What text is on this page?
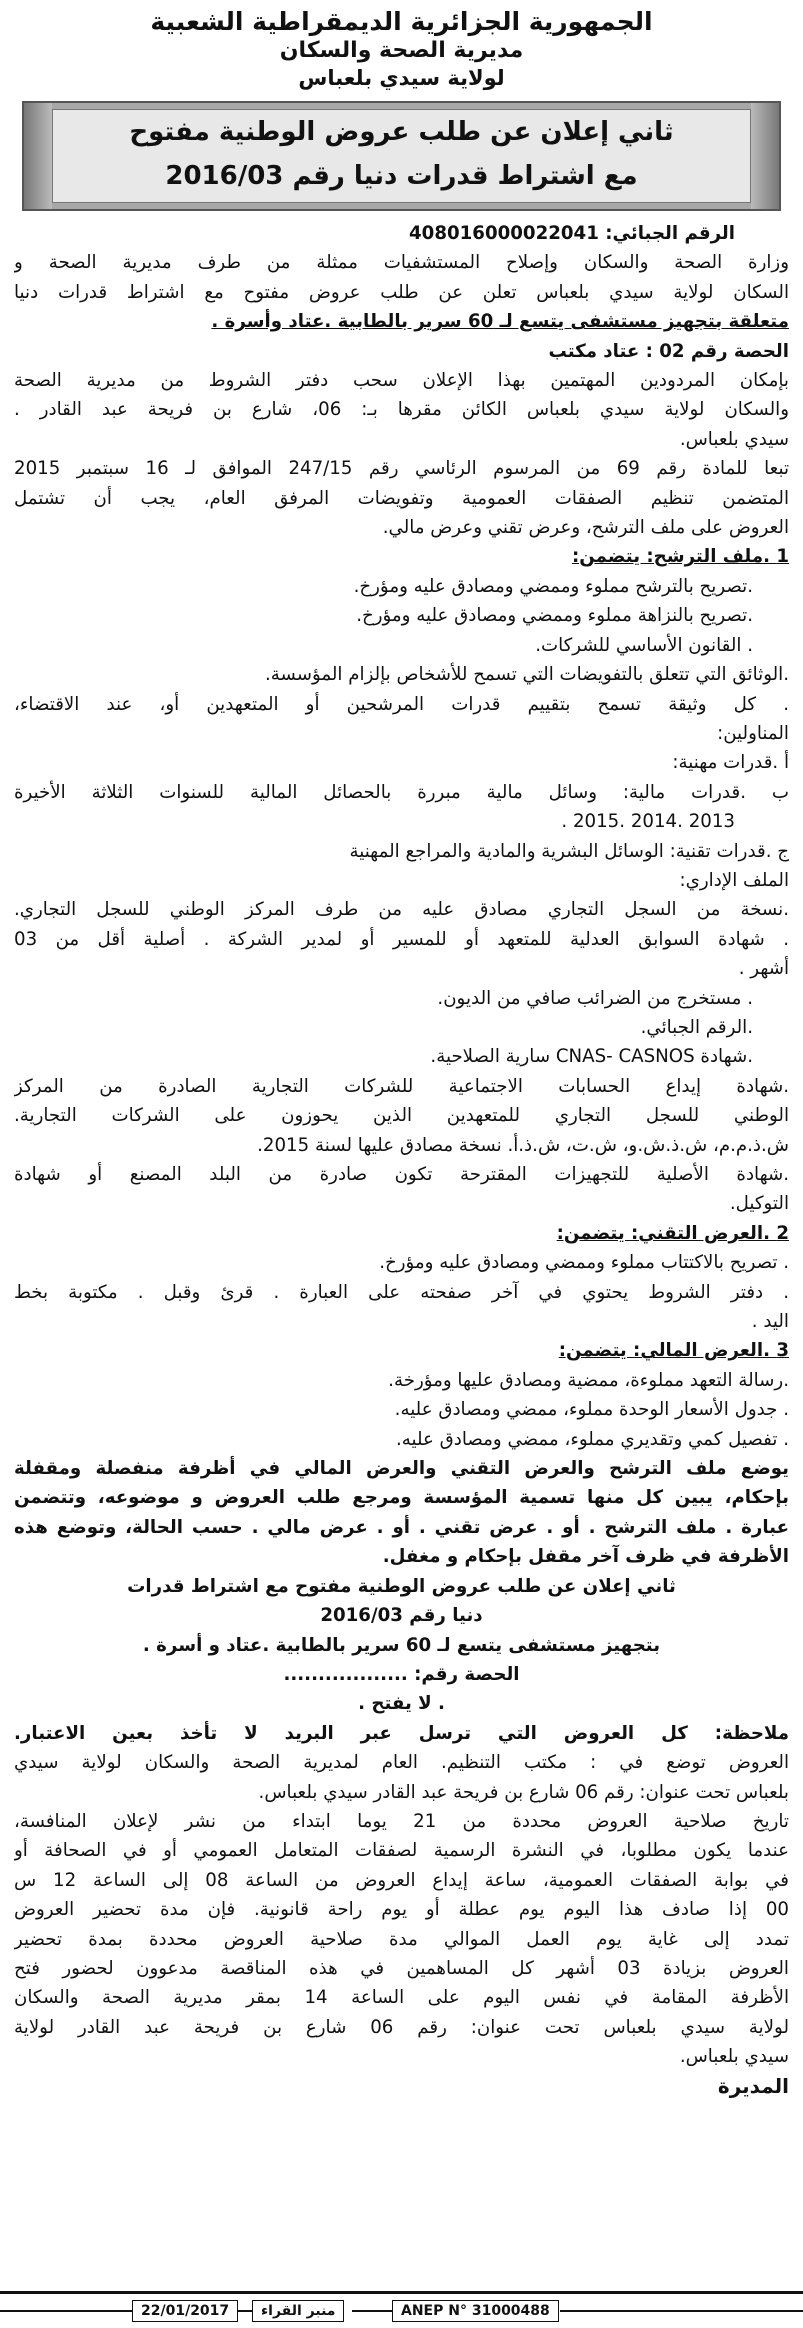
الجمهورية الجزائرية الديمقراطية الشعبية
مديرية الصحة والسكان
لولاية سيدي بلعباس
ثاني إعلان عن طلب عروض الوطنية مفتوح
مع اشتراط قدرات دنيا رقم 2016/03
الرقم الجبائي: 408016000022041
وزارة الصحة والسكان وإصلاح المستشفيات ممثلة من طرف مديرية الصحة و
السكان لولاية سيدي بلعباس تعلن عن طلب عروض مفتوح مع اشتراط قدرات دنيا
متعلقة بتجهيز مستشفى يتسع لـ 60 سرير بالطابية .عتاد وأسرة .
الحصة رقم 02 : عتاد مكتب
بإمكان المردودين المهتمين بهذا الإعلان سحب دفتر الشروط من مديرية الصحة
والسكان لولاية سيدي بلعباس الكائن مقرها بـ: 06، شارع بن فريحة عبد القادر .
سيدي بلعباس.
تبعا للمادة رقم 69 من المرسوم الرئاسي رقم 247/15 الموافق لـ 16 سبتمبر 2015
المتضمن تنظيم الصفقات العمومية وتفويضات المرفق العام، يجب أن تشتمل
العروض على ملف الترشح، وعرض تقني وعرض مالي.
1 .ملف الترشح: يتضمن:
.تصريح بالترشح مملوء وممضي ومصادق عليه ومؤرخ.
.تصريح بالنزاهة مملوء وممضي ومصادق عليه ومؤرخ.
. القانون الأساسي للشركات.
.الوثائق التي تتعلق بالتفويضات التي تسمح للأشخاص بإلزام المؤسسة.
. كل وثيقة تسمح بتقييم قدرات المرشحين أو المتعهدين أو، عند الاقتضاء،
المناولين:
أ .قدرات مهنية:
ب .قدرات مالية: وسائل مالية مبررة بالحصائل المالية للسنوات الثلاثة الأخيرة
2013 .2014 .2015 .
ج .قدرات تقنية: الوسائل البشرية والمادية والمراجع المهنية
الملف الإداري:
.نسخة من السجل التجاري مصادق عليه من طرف المركز الوطني للسجل التجاري.
. شهادة السوابق العدلية للمتعهد أو للمسير أو لمدير الشركة . أصلية أقل من 03
أشهر .
. مستخرج من الضرائب صافي من الديون.
.الرقم الجبائي.
.شهادة CNAS- CASNOS سارية الصلاحية.
.شهادة إيداع الحسابات الاجتماعية للشركات التجارية الصادرة من المركز
الوطني للسجل التجاري للمتعهدين الذين يحوزون على الشركات التجارية.
ش.ذ.م.م، ش.ذ.ش.و، ش.ت، ش.ذ.أ. نسخة مصادق عليها لسنة 2015.
.شهادة الأصلية للتجهيزات المقترحة تكون صادرة من البلد المصنع أو شهادة
التوكيل.
2 .العرض التقني: يتضمن:
. تصريح بالاكتتاب مملوء وممضي ومصادق عليه ومؤرخ.
. دفتر الشروط يحتوي في آخر صفحته على العبارة . قرئ وقبل . مكتوبة بخط
اليد .
3 .العرض المالي: يتضمن:
.رسالة التعهد مملوءة، ممضية ومصادق عليها ومؤرخة.
. جدول الأسعار الوحدة مملوء، ممضي ومصادق عليه.
. تفصيل كمي وتقديري مملوء، ممضي ومصادق عليه.
يوضع ملف الترشح والعرض التقني والعرض المالي في أظرفة منفصلة ومقفلة
بإحكام، يبين كل منها تسمية المؤسسة ومرجع طلب العروض و موضوعه، وتتضمن
عبارة . ملف الترشح . أو . عرض تقني . أو . عرض مالي . حسب الحالة، وتوضع هذه
الأظرفة في ظرف آخر مقفل بإحكام و مغفل.
ثاني إعلان عن طلب عروض الوطنية مفتوح مع اشتراط قدرات
دنيا رقم 2016/03
بتجهيز مستشفى يتسع لـ 60 سرير بالطابية .عتاد و أسرة .
الحصة رقم: ..................
. لا يفتح .
ملاحظة: كل العروض التي ترسل عبر البريد لا تأخذ بعين الاعتبار.
العروض توضع في : مكتب التنظيم. العام لمديرية الصحة والسكان لولاية سيدي
بلعباس تحت عنوان: رقم 06 شارع بن فريحة عبد القادر سيدي بلعباس.
تاريخ صلاحية العروض محددة من 21 يوما ابتداء من نشر لإعلان المنافسة،
عندما يكون مطلوبا، في النشرة الرسمية لصفقات المتعامل العمومي أو في الصحافة أو
في بوابة الصفقات العمومية، ساعة إيداع العروض من الساعة 08 إلى الساعة 12 س
00 إذا صادف هذا اليوم يوم عطلة أو يوم راحة قانونية. فإن مدة تحضير العروض
تمدد إلى غاية يوم العمل الموالي مدة صلاحية العروض محددة بمدة تحضير
العروض بزيادة 03 أشهر كل المساهمين في هذه المناقصة مدعوون لحضور فتح
الأظرفة المقامة في نفس اليوم على الساعة 14 بمقر مديرية الصحة والسكان
لولاية سيدي بلعباس تحت عنوان: رقم 06 شارع بن فريحة عبد القادر لولاية
سيدي بلعباس.
المديرة
22/01/2017	منبر القراء	ANEP N° 31000488
